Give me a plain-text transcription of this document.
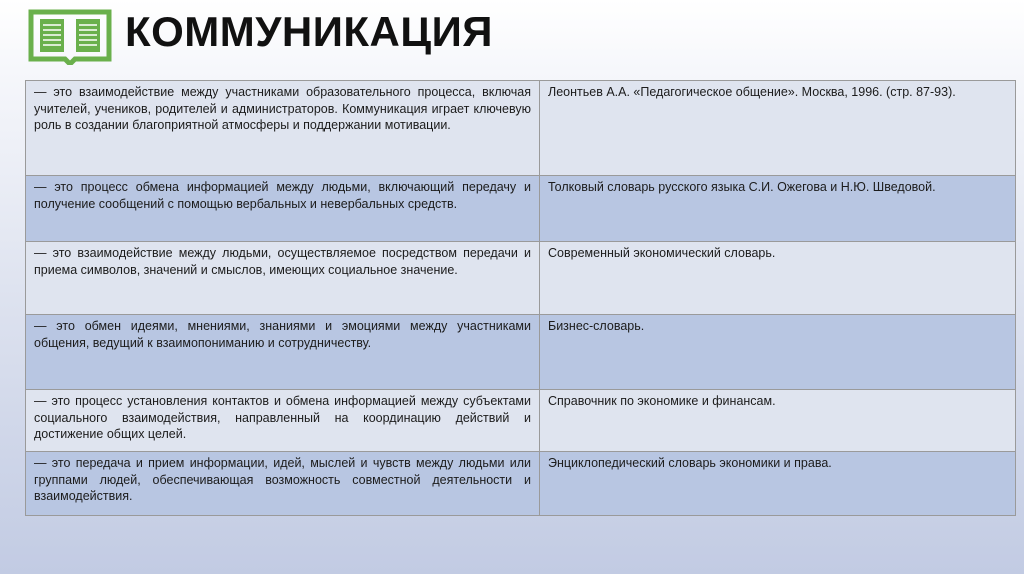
КОММУНИКАЦИЯ
— это взаимодействие между участниками образовательного процесса, включая учителей, учеников, родителей и администраторов. Коммуникация играет ключевую роль в создании благоприятной атмосферы и поддержании мотивации.	Леонтьев А.А. «Педагогическое общение». Москва, 1996. (стр. 87-93).
— это процесс обмена информацией между людьми, включающий передачу и получение сообщений с помощью вербальных и невербальных средств.	Толковый словарь русского языка С.И. Ожегова и Н.Ю. Шведовой.
— это взаимодействие между людьми, осуществляемое посредством передачи и приема символов, значений и смыслов, имеющих социальное значение.	Современный экономический словарь.
— это обмен идеями, мнениями, знаниями и эмоциями между участниками общения, ведущий к взаимопониманию и сотрудничеству.	Бизнес-словарь.
— это процесс установления контактов и обмена информацией между субъектами социального взаимодействия, направленный на координацию действий и достижение общих целей.	Справочник по экономике и финансам.
— это передача и прием информации, идей, мыслей и чувств между людьми или группами людей, обеспечивающая возможность совместной деятельности и взаимодействия.	Энциклопедический словарь экономики и права.
